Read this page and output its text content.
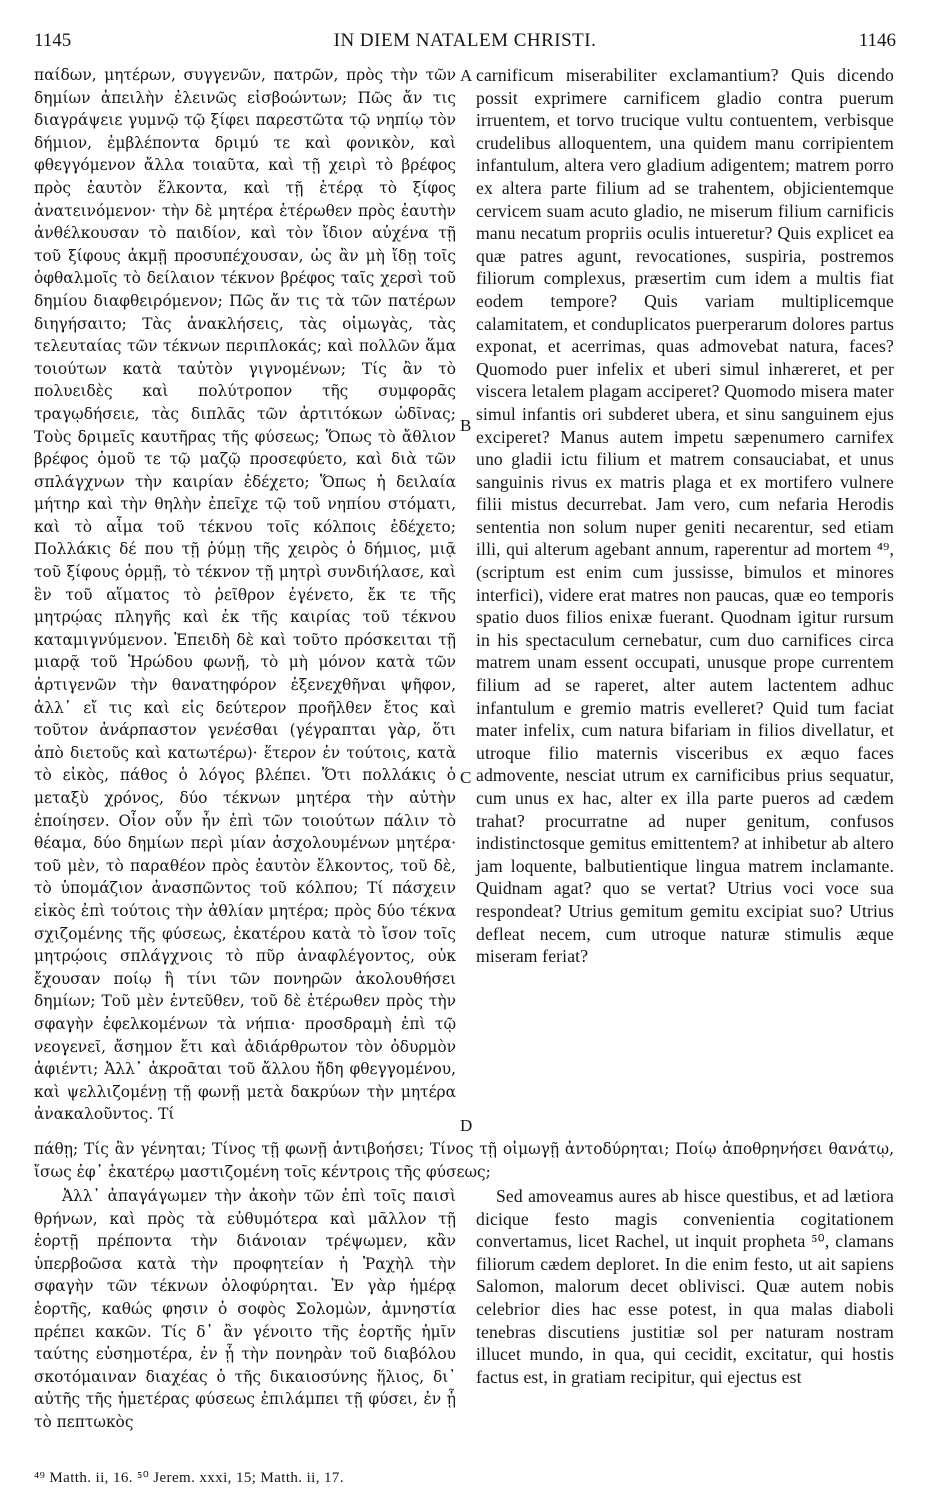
1145	IN DIEM NATALEM CHRISTI.	1146

παίδων, μητέρων, συγγενῶν, πατρῶν, πρὸς τὴν τῶν δημίων ἀπειλὴν ἐλεινῶς εἰσβοώντων; Πῶς ἄν τις διαγράψειε γυμνῷ τῷ ξίφει παρεστῶτα τῷ νηπίῳ τὸν δήμιον, ἐμβλέποντα δριμύ τε καὶ φονικὸν, καὶ φθεγγόμενον ἄλλα τοιαῦτα, καὶ τῇ χειρὶ τὸ βρέφος πρὸς ἑαυτὸν ἕλκοντα, καὶ τῇ ἑτέρᾳ τὸ ξίφος ἀνατεινόμενον· τὴν δὲ μητέρα ἑτέρωθεν πρὸς ἑαυτὴν ἀνθέλκουσαν τὸ παιδίον, καὶ τὸν ἴδιον αὐχένα τῇ τοῦ ξίφους ἀκμῇ προσυπέχουσαν, ὡς ἂν μὴ ἴδῃ τοῖς ὀφθαλμοῖς τὸ δείλαιον τέκνον βρέφος ταῖς χερσὶ τοῦ δημίου διαφθειρόμενον; Πῶς ἄν τις τὰ τῶν πατέρων διηγήσαιτο; Τὰς ἀνακλήσεις, τὰς οἰμωγὰς, τὰς τελευταίας τῶν τέκνων περιπλοκάς; καὶ πολλῶν ἅμα τοιούτων κατὰ ταὐτὸν γιγνομένων; Τίς ἂν τὸ πολυειδὲς καὶ πολύτροπον τῆς συμφορᾶς τραγῳδήσειε, τὰς διπλᾶς τῶν ἀρτιτόκων ὠδῖνας; Τοὺς δριμεῖς καυτῆρας τῆς φύσεως; Ὅπως τὸ ἄθλιον βρέφος ὁμοῦ τε τῷ μαζῷ προσεφύετο, καὶ διὰ τῶν σπλάγχνων τὴν καιρίαν ἐδέχετο; Ὅπως ἡ δειλαία μήτηρ καὶ τὴν θηλὴν ἐπεῖχε τῷ τοῦ νηπίου στόματι, καὶ τὸ αἷμα τοῦ τέκνου τοῖς κόλποις ἐδέχετο; Πολλάκις δέ που τῇ ῥύμῃ τῆς χειρὸς ὁ δήμιος, μιᾷ τοῦ ξίφους ὁρμῇ, τὸ τέκνον τῇ μητρὶ συνδιήλασε, καὶ ἓν τοῦ αἵματος τὸ ῥεῖθρον ἐγένετο, ἔκ τε τῆς μητρῴας πληγῆς καὶ ἐκ τῆς καιρίας τοῦ τέκνου καταμιγνύμενον. Ἐπειδὴ δὲ καὶ τοῦτο πρόσκειται τῇ μιαρᾷ τοῦ Ἡρώδου φωνῇ, τὸ μὴ μόνον κατὰ τῶν ἀρτιγενῶν τὴν θανατηφόρον ἐξενεχθῆναι ψῆφον, ἀλλ᾽ εἴ τις καὶ εἰς δεύτερον προῆλθεν ἔτος καὶ τοῦτον ἀνάρπαστον γενέσθαι (γέγραπται γὰρ, ὅτι ἀπὸ διετοῦς καὶ κατωτέρω)· ἕτερον ἐν τούτοις, κατὰ τὸ εἰκὸς, πάθος ὁ λόγος βλέπει. Ὅτι πολλάκις ὁ μεταξὺ χρόνος, δύο τέκνων μητέρα τὴν αὐτὴν ἐποίησεν. Οἷον οὖν ἦν ἐπὶ τῶν τοιούτων πάλιν τὸ θέαμα, δύο δημίων περὶ μίαν ἀσχολουμένων μητέρα· τοῦ μὲν, τὸ παραθέον πρὸς ἑαυτὸν ἕλκοντος, τοῦ δὲ, τὸ ὑπομάζιον ἀνασπῶντος τοῦ κόλπου; Τί πάσχειν εἰκὸς ἐπὶ τούτοις τὴν ἀθλίαν μητέρα; πρὸς δύο τέκνα σχιζομένης τῆς φύσεως, ἑκατέρου κατὰ τὸ ἴσον τοῖς μητρῴοις σπλάγχνοις τὸ πῦρ ἀναφλέγοντος, οὐκ ἔχουσαν ποίῳ ἢ τίνι τῶν πονηρῶν ἀκολουθήσει δημίων; Τοῦ μὲν ἐντεῦθεν, τοῦ δὲ ἑτέρωθεν πρὸς τὴν σφαγὴν ἐφελκομένων τὰ νήπια· προσδραμὴ ἐπὶ τῷ νεογενεῖ, ἄσημον ἔτι καὶ ἀδιάρθρωτον τὸν ὀδυρμὸν ἀφιέντι; Ἀλλ᾽ ἀκροᾶται τοῦ ἄλλου ἤδη φθεγγομένου, καὶ ψελλιζομένῃ τῇ φωνῇ μετὰ δακρύων τὴν μητέρα ἀνακαλοῦντος. Τί

carnificum miserabiliter exclamantium? Quis dicendo possit exprimere carnificem gladio contra puerum irruentem, et torvo trucique vultu contuentem, verbisque crudelibus alloquentem, una quidem manu corripientem infantulum, altera vero gladium adigentem; matrem porro ex altera parte filium ad se trahentem, objicientemque cervicem suam acuto gladio, ne miserum filium carnificis manu necatum propriis oculis intueretur? Quis explicet ea quæ patres agunt, revocationes, suspiria, postremos filiorum complexus, præsertim cum idem a multis fiat eodem tempore? Quis variam multiplicemque calamitatem, et conduplicatos puerperarum dolores partus exponat, et acerrimas, quas admovebat natura, faces? Quomodo puer infelix et uberi simul inhæreret, et per viscera letalem plagam acciperet? Quomodo misera mater simul infantis ori subderet ubera, et sinu sanguinem ejus exciperet? Manus autem impetu sæpenumero carnifex uno gladii ictu filium et matrem consauciabat, et unus sanguinis rivus ex matris plaga et ex mortifero vulnere filii mistus decurrebat. Jam vero, cum nefaria Herodis sententia non solum nuper geniti necarentur, sed etiam illi, qui alterum agebant annum, raperentur ad mortem ⁴⁹, (scriptum est enim cum jussisse, bimulos et minores interfici), videre erat matres non paucas, quæ eo temporis spatio duos filios enixæ fuerant. Quodnam igitur rursum in his spectaculum cernebatur, cum duo carnifices circa matrem unam essent occupati, unusque prope currentem filium ad se raperet, alter autem lactentem adhuc infantulum e gremio matris evelleret? Quid tum faciat mater infelix, cum natura bifariam in filios divellatur, et utroque filio maternis visceribus ex æquo faces admovente, nesciat utrum ex carnificibus prius sequatur, cum unus ex hac, alter ex illa parte pueros ad cædem trahat? procurratne ad nuper genitum, confusos indistinctosque gemitus emittentem? at inhibetur ab altero jam loquente, balbutientique lingua matrem inclamante. Quidnam agat? quo se vertat? Utrius voci voce sua respondeat? Utrius gemitum gemitu excipiat suo? Utrius defleat necem, cum utroque naturæ stimulis æque miseram feriat?

A
B
C
D

πάθῃ; Τίς ἂν γένηται; Τίνος τῇ φωνῇ ἀντιβοήσει; Τίνος τῇ οἰμωγῇ ἀντοδύρηται; Ποίῳ ἀποθρηνήσει θανάτῳ, ἴσως ἐφ᾽ ἑκατέρῳ μαστιζομένη τοῖς κέντροις τῆς φύσεως;

Ἀλλ᾽ ἀπαγάγωμεν τὴν ἀκοὴν τῶν ἐπὶ τοῖς παισὶ θρήνων, καὶ πρὸς τὰ εὐθυμότερα καὶ μᾶλλον τῇ ἑορτῇ πρέποντα τὴν διάνοιαν τρέψωμεν, κἂν ὑπερβοῶσα κατὰ τὴν προφητείαν ἡ Ῥαχὴλ τὴν σφαγὴν τῶν τέκνων ὀλοφύρηται. Ἐν γὰρ ἡμέρᾳ ἑορτῆς, καθώς φησιν ὁ σοφὸς Σολομὼν, ἀμνηστία πρέπει κακῶν. Τίς δ᾽ ἂν γένοιτο τῆς ἑορτῆς ἡμῖν ταύτης εὐσημοτέρα, ἐν ᾗ τὴν πονηρὰν τοῦ διαβόλου σκοτόμαιναν διαχέας ὁ τῆς δικαιοσύνης ἥλιος, δι᾽ αὐτῆς τῆς ἡμετέρας φύσεως ἐπιλάμπει τῇ φύσει, ἐν ᾗ τὸ πεπτωκὸς

Sed amoveamus aures ab hisce questibus, et ad lætiora dicique festo magis convenientia cogitationem convertamus, licet Rachel, ut inquit propheta ⁵⁰, clamans filiorum cædem deploret. In die enim festo, ut ait sapiens Salomon, malorum decet oblivisci. Quæ autem nobis celebrior dies hac esse potest, in qua malas diaboli tenebras discutiens justitiæ sol per naturam nostram illucet mundo, in qua, qui cecidit, excitatur, qui hostis factus est, in gratiam recipitur, qui ejectus est

⁴⁹ Matth. ii, 16. ⁵⁰ Jerem. xxxi, 15; Matth. ii, 17.
